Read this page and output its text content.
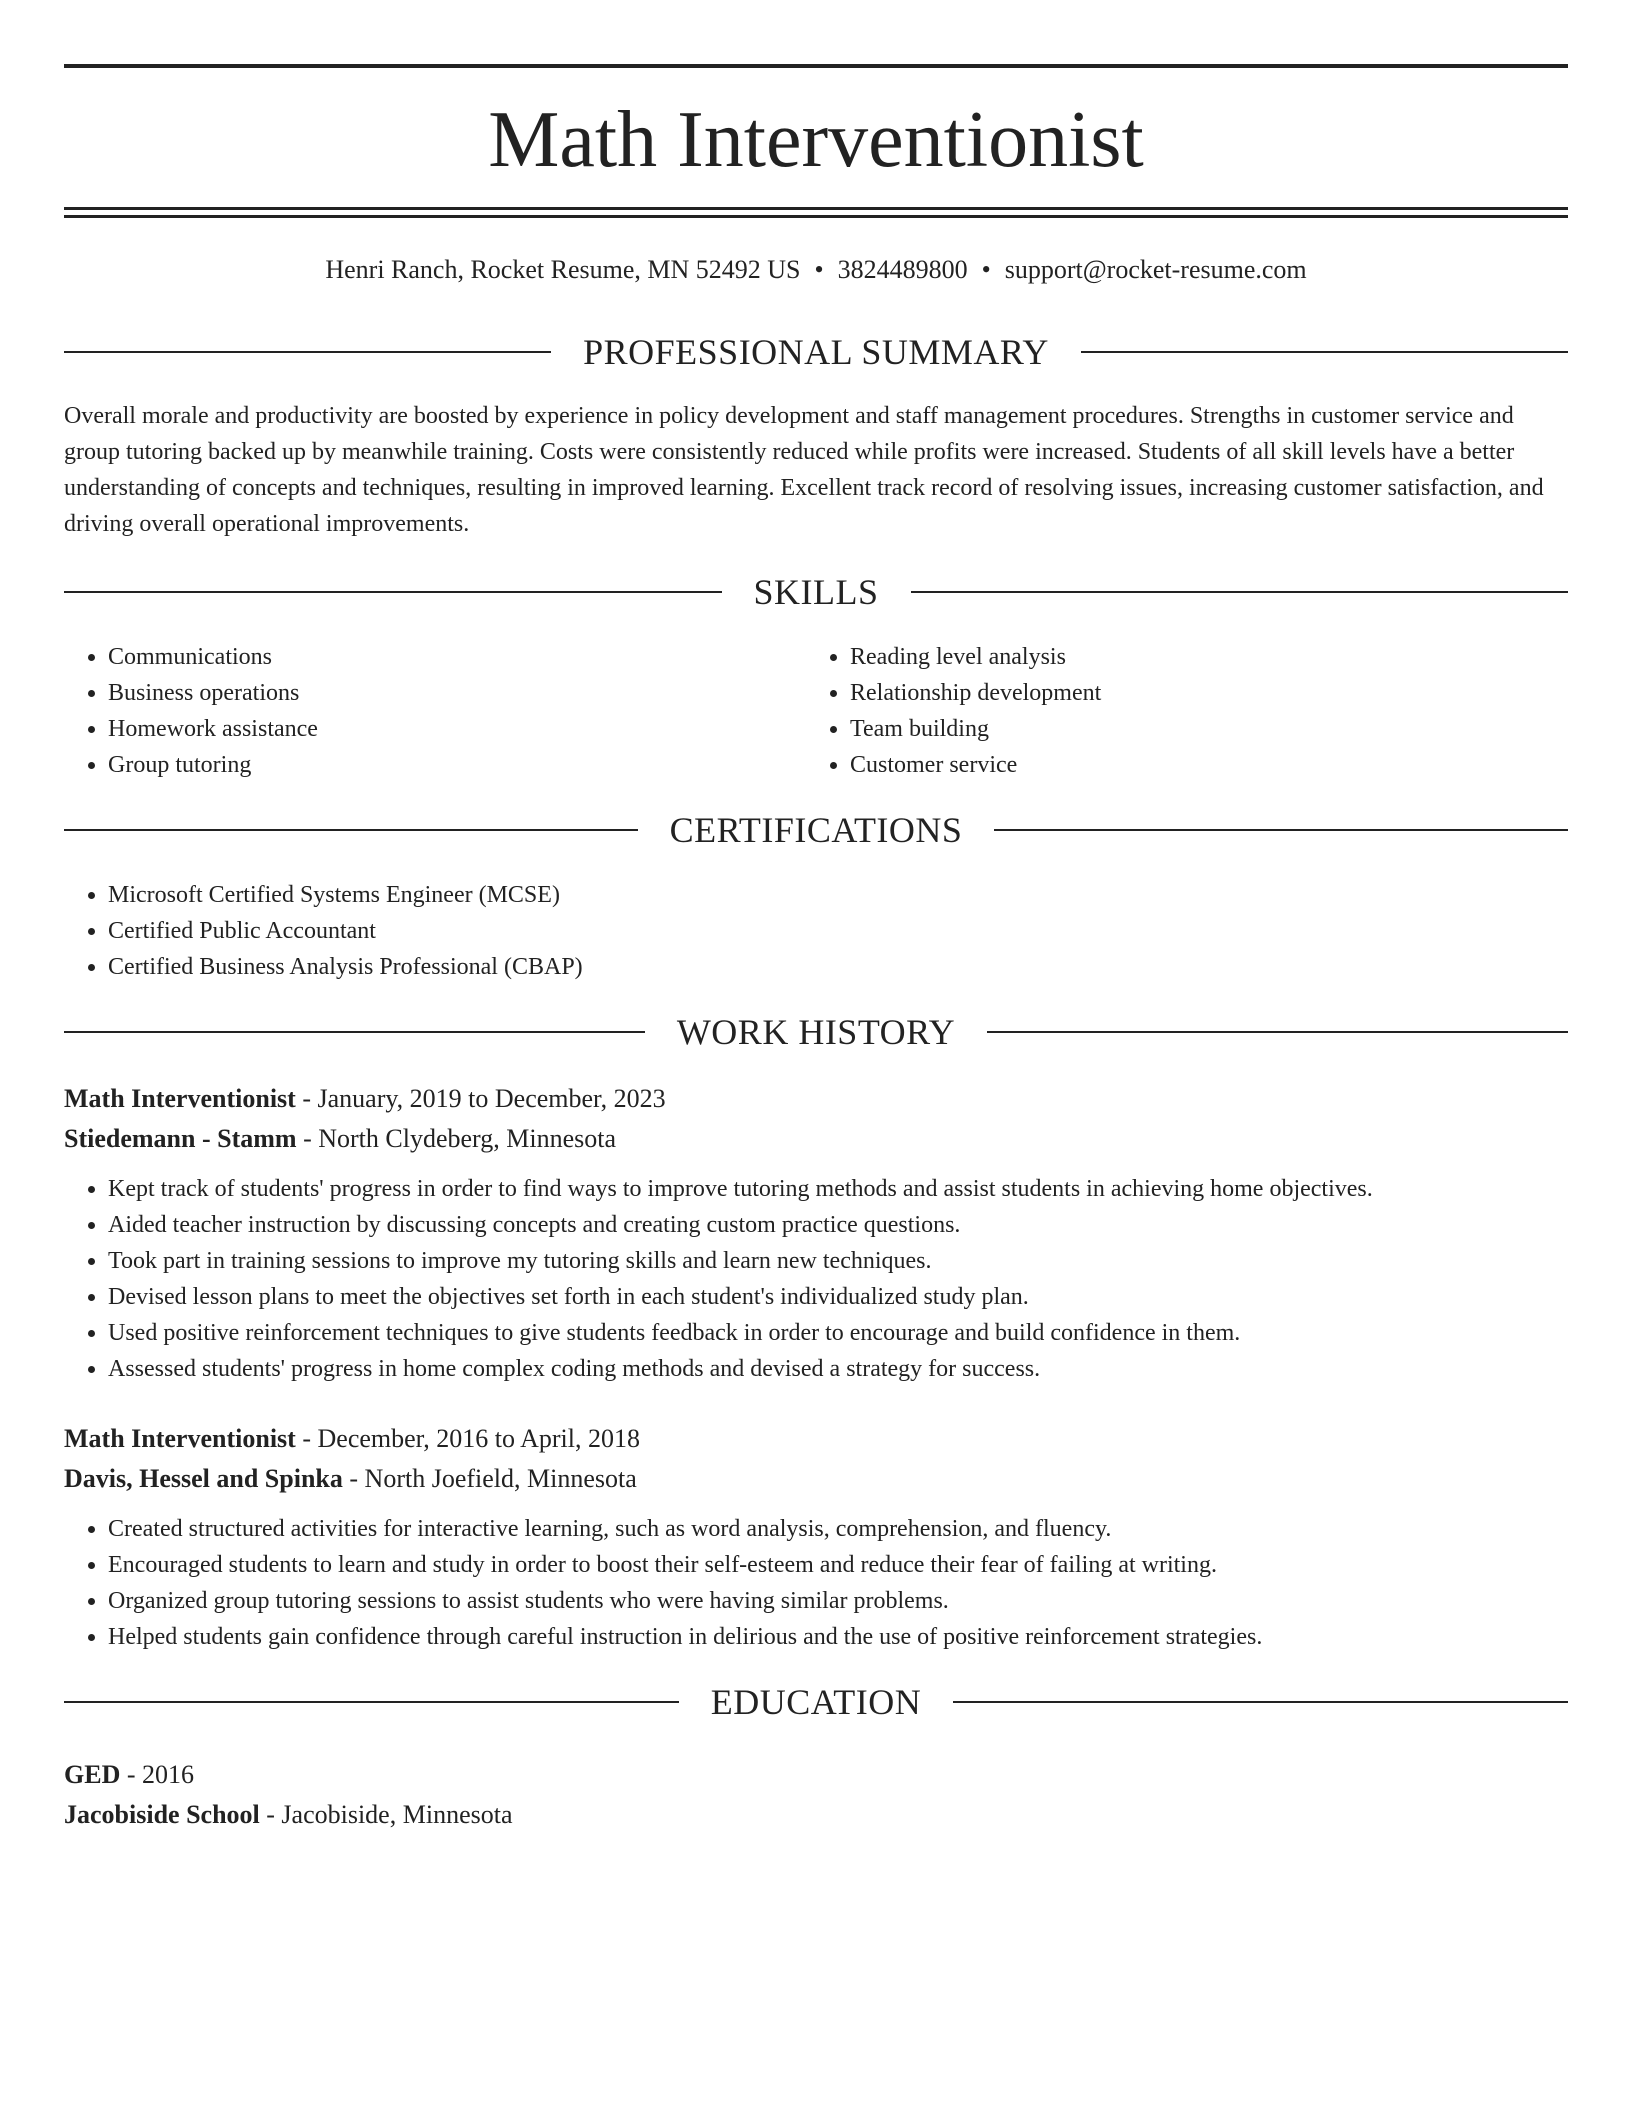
Math Interventionist
Henri Ranch, Rocket Resume, MN 52492 US • 3824489800 • support@rocket-resume.com
PROFESSIONAL SUMMARY

Overall morale and productivity are boosted by experience in policy development and staff management procedures. Strengths in customer service and group tutoring backed up by meanwhile training. Costs were consistently reduced while profits were increased. Students of all skill levels have a better understanding of concepts and techniques, resulting in improved learning. Excellent track record of resolving issues, increasing customer satisfaction, and driving overall operational improvements.

SKILLS
• Communications
• Business operations
• Homework assistance
• Group tutoring
• Reading level analysis
• Relationship development
• Team building
• Customer service
CERTIFICATIONS
• Microsoft Certified Systems Engineer (MCSE)
• Certified Public Accountant
• Certified Business Analysis Professional (CBAP)
WORK HISTORY
Math Interventionist - January, 2019 to December, 2023
Stiedemann - Stamm - North Clydeberg, Minnesota
• Kept track of students' progress in order to find ways to improve tutoring methods and assist students in achieving home objectives.
• Aided teacher instruction by discussing concepts and creating custom practice questions.
• Took part in training sessions to improve my tutoring skills and learn new techniques.
• Devised lesson plans to meet the objectives set forth in each student's individualized study plan.
• Used positive reinforcement techniques to give students feedback in order to encourage and build confidence in them.
• Assessed students' progress in home complex coding methods and devised a strategy for success.
Math Interventionist - December, 2016 to April, 2018
Davis, Hessel and Spinka - North Joefield, Minnesota
• Created structured activities for interactive learning, such as word analysis, comprehension, and fluency.
• Encouraged students to learn and study in order to boost their self-esteem and reduce their fear of failing at writing.
• Organized group tutoring sessions to assist students who were having similar problems.
• Helped students gain confidence through careful instruction in delirious and the use of positive reinforcement strategies.
EDUCATION
GED - 2016
Jacobiside School - Jacobiside, Minnesota
